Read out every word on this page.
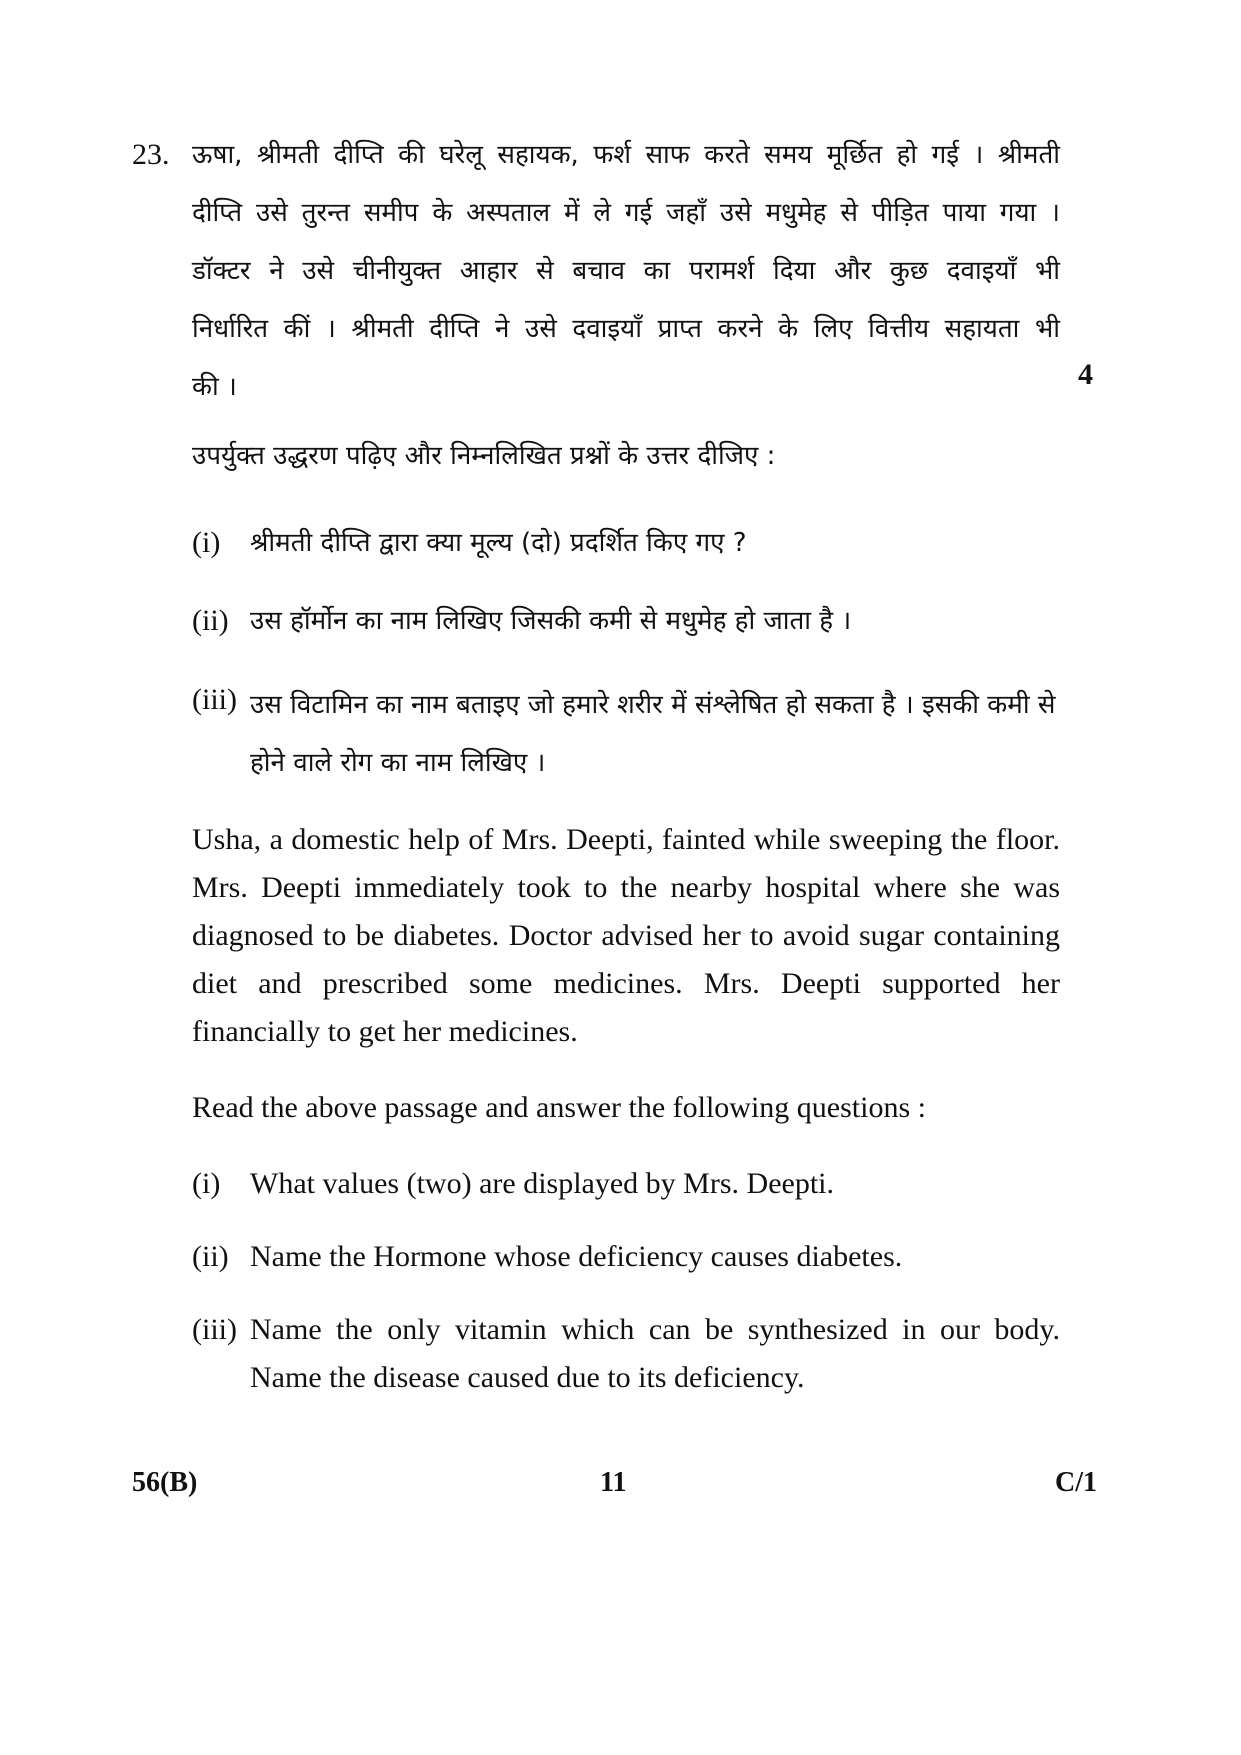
23. ऊषा, श्रीमती दीप्ति की घरेलू सहायक, फर्श साफ करते समय मूर्छित हो गई । श्रीमती
दीप्ति उसे तुरन्त समीप के अस्पताल में ले गई जहाँ उसे मधुमेह से पीड़ित पाया गया ।
डॉक्टर ने उसे चीनीयुक्त आहार से बचाव का परामर्श दिया और कुछ दवाइयाँ भी
निर्धारित कीं । श्रीमती दीप्ति ने उसे दवाइयाँ प्राप्त करने के लिए वित्तीय सहायता भी
की ।	4
उपर्युक्त उद्धरण पढ़िए और निम्नलिखित प्रश्नों के उत्तर दीजिए :
(i) श्रीमती दीप्ति द्वारा क्या मूल्य (दो) प्रदर्शित किए गए ?
(ii) उस हॉर्मोन का नाम लिखिए जिसकी कमी से मधुमेह हो जाता है ।
(iii) उस विटामिन का नाम बताइए जो हमारे शरीर में संश्लेषित हो सकता है । इसकी कमी से होने वाले रोग का नाम लिखिए ।
Usha, a domestic help of Mrs. Deepti, fainted while sweeping the floor. Mrs. Deepti immediately took to the nearby hospital where she was diagnosed to be diabetes. Doctor advised her to avoid sugar containing diet and prescribed some medicines. Mrs. Deepti supported her financially to get her medicines.
Read the above passage and answer the following questions :
(i) What values (two) are displayed by Mrs. Deepti.
(ii) Name the Hormone whose deficiency causes diabetes.
(iii) Name the only vitamin which can be synthesized in our body. Name the disease caused due to its deficiency.
56(B)	11	C/1
